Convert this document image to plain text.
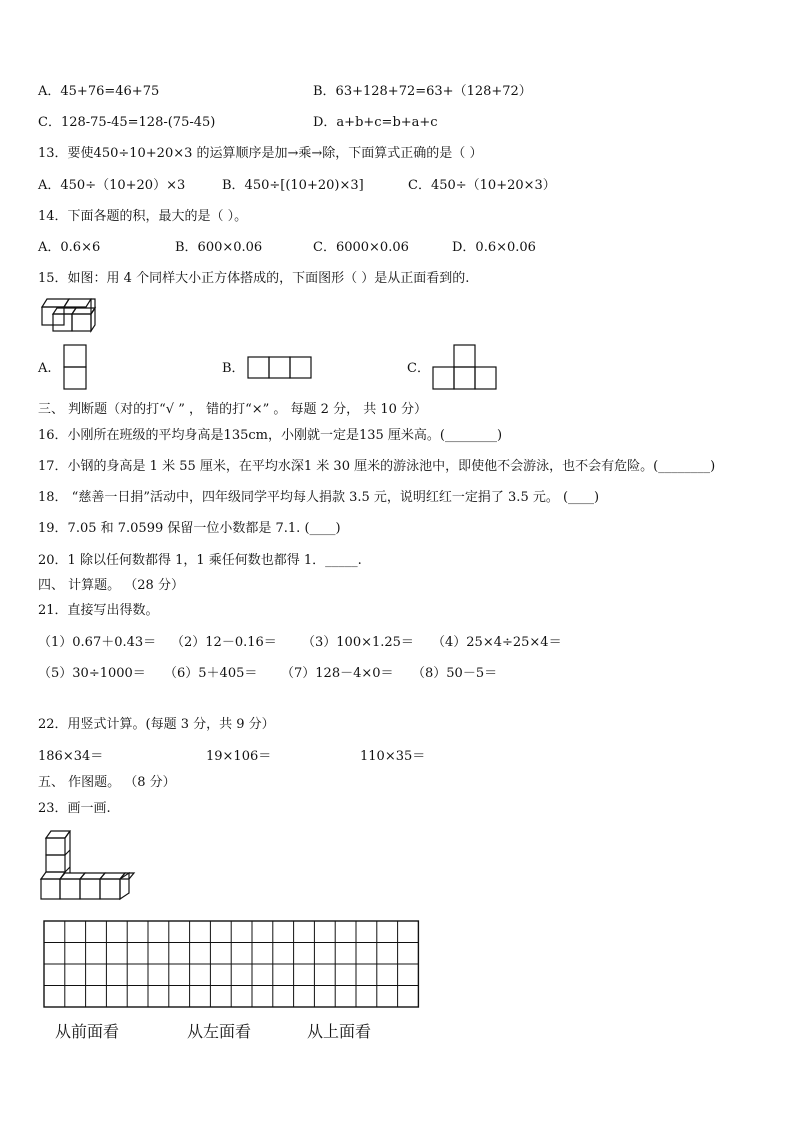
A．45+76=46+75	B．63+128+72=63+（128+72）
C．128-75-45=128-(75-45)	D．a+b+c=b+a+c
13．要使450÷10+20×3 的运算顺序是加→乘→除，下面算式正确的是（ ）
A．450÷（10+20）×3	B．450÷[(10+20)×3]	C．450÷（10+20×3）
14．下面各题的积，最大的是（ ）。
A．0.6×6	B．600×0.06	C．6000×0.06	D．0.6×0.06
15．如图：用 4 个同样大小正方体搭成的，下面图形（ ）是从正面看到的.
A.	B．	C．
三、 判断题（对的打“√ ” ， 错的打“×” 。 每题 2 分， 共 10 分）
16．小刚所在班级的平均身高是135cm，小刚就一定是135 厘米高。(________)
17．小钢的身高是 1 米 55 厘米，在平均水深1 米 30 厘米的游泳池中，即使他不会游泳，也不会有危险。(________)
18． “慈善一日捐”活动中，四年级同学平均每人捐款 3.5 元，说明红红一定捐了 3.5 元。 (____)
19．7.05 和 7.0599 保留一位小数都是 7.1. (____)
20．1 除以任何数都得 1，1 乘任何数也都得 1．_____.
四、 计算题。 （28 分）
21．直接写出得数。
（1）0.67＋0.43＝ （2）12－0.16＝ （3）100×1.25＝ （4）25×4÷25×4＝
（5）30÷1000＝ （6）5＋405＝ （7）128－4×0＝ （8）50－5＝
22．用竖式计算。(每题 3 分，共 9 分）
186×34＝	19×106＝	110×35＝
五、 作图题。 （8 分）
23．画一画.
从前面看	从左面看	从上面看
